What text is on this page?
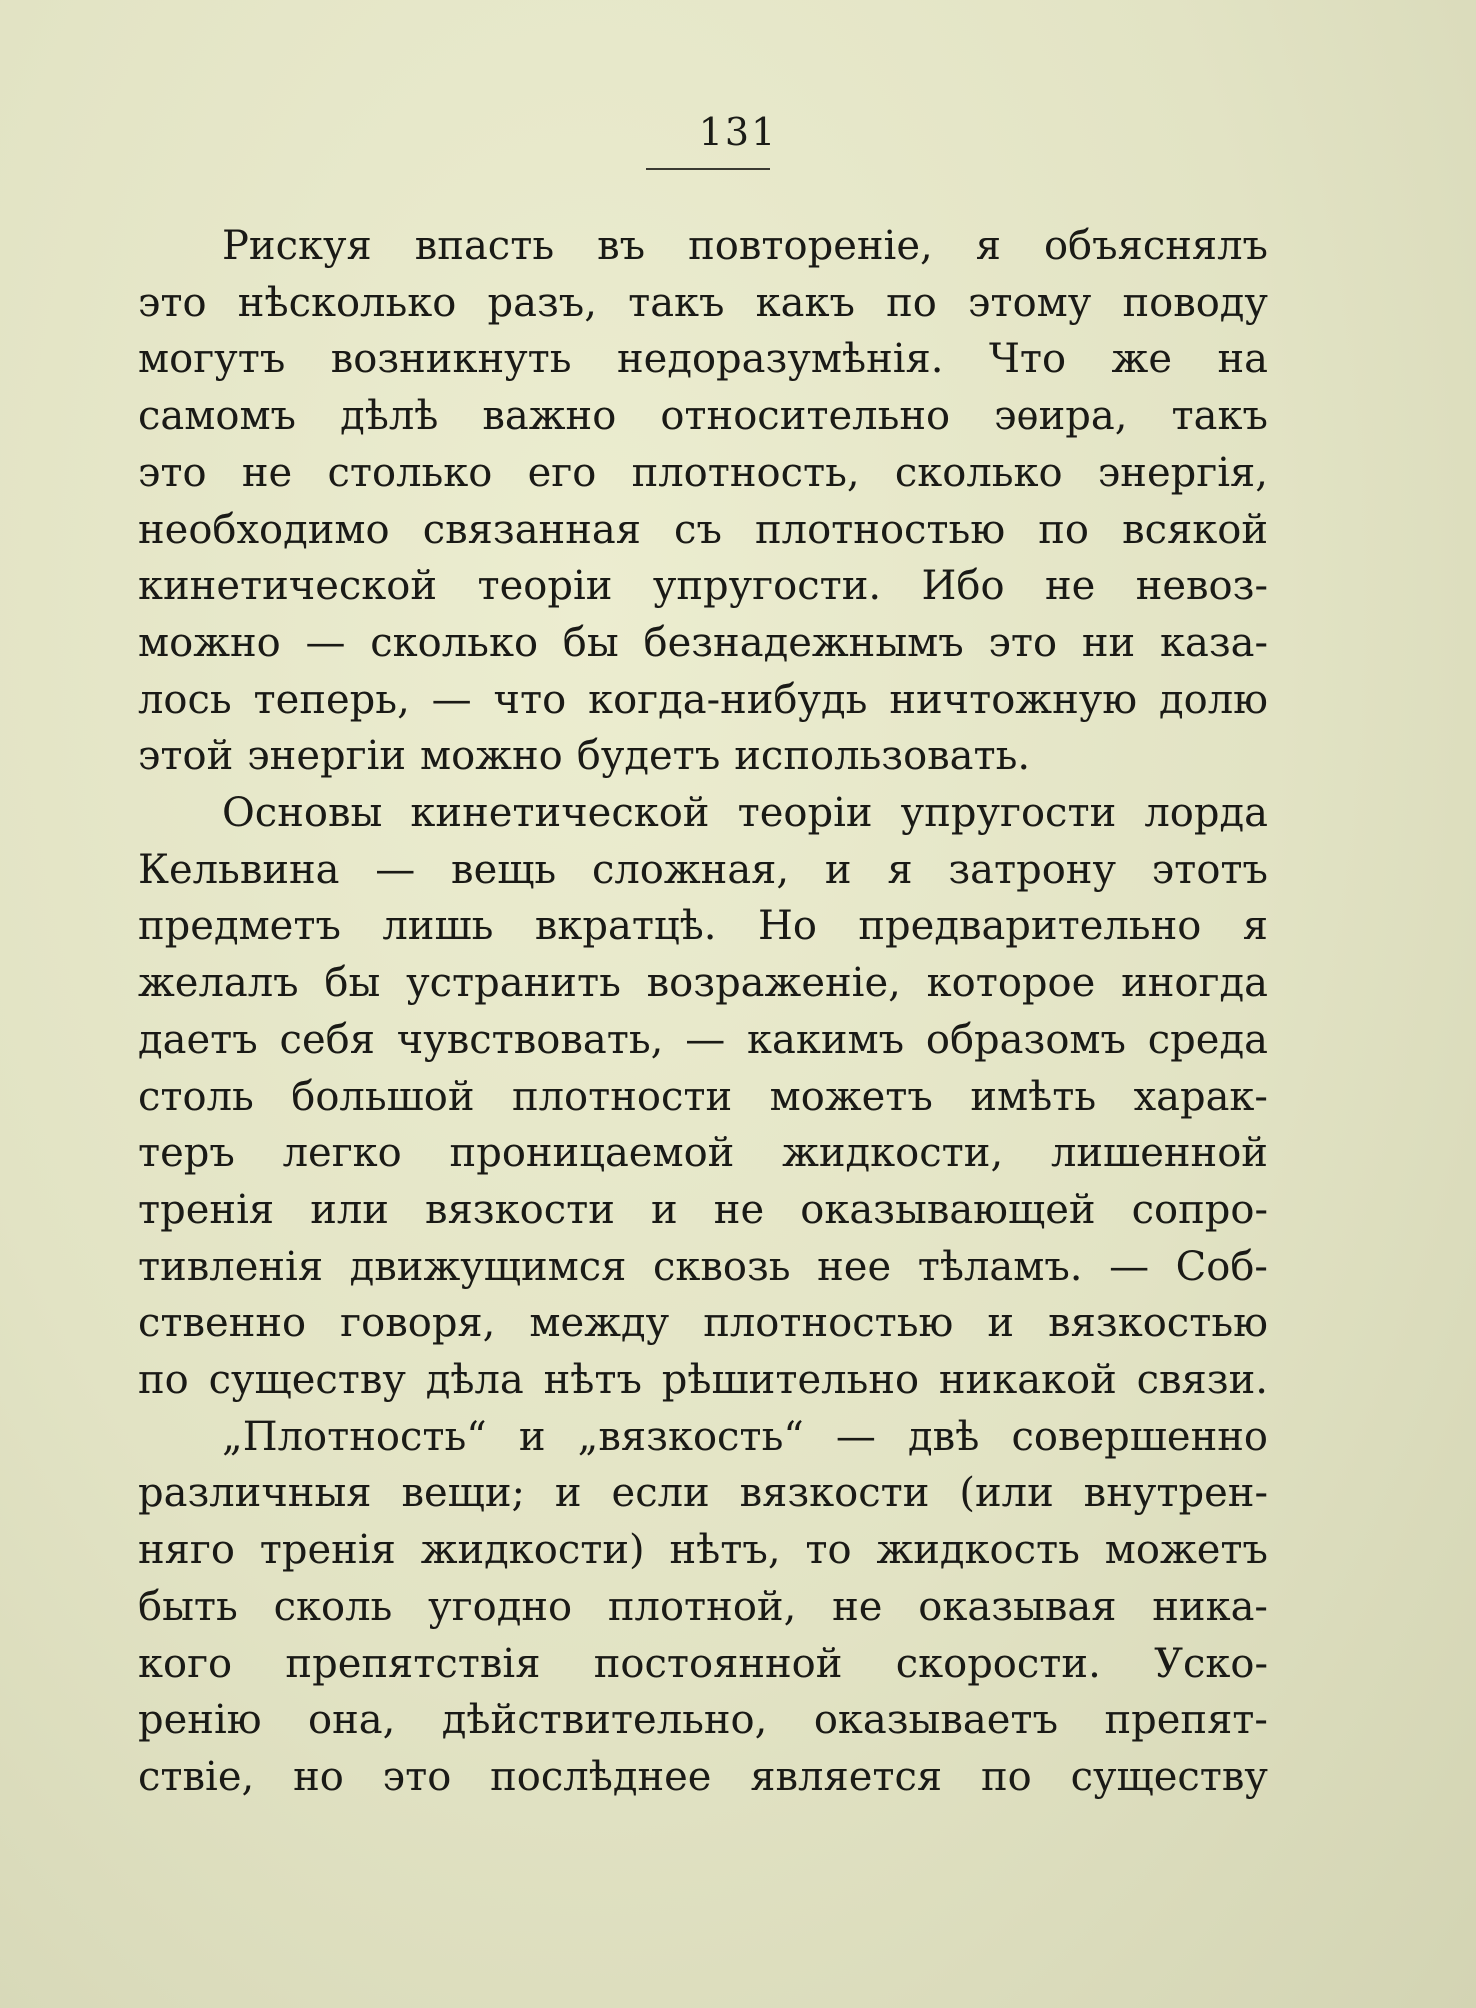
131
Рискуя впасть въ повтореніе, я объяснялъ
это нѣсколько разъ, такъ какъ по этому поводу
могутъ возникнуть недоразумѣнія. Что же на
самомъ дѣлѣ важно относительно эѳира, такъ
это не столько его плотность, сколько энергія,
необходимо связанная съ плотностью по всякой
кинетической теоріи упругости. Ибо не невоз-
можно — сколько бы безнадежнымъ это ни каза-
лось теперь, — что когда-нибудь ничтожную долю
этой энергіи можно будетъ использовать.
Основы кинетической теоріи упругости лорда
Кельвина — вещь сложная, и я затрону этотъ
предметъ лишь вкратцѣ. Но предварительно я
желалъ бы устранить возраженіе, которое иногда
даетъ себя чувствовать, — какимъ образомъ среда
столь большой плотности можетъ имѣть харак-
теръ легко проницаемой жидкости, лишенной
тренія или вязкости и не оказывающей сопро-
тивленія движущимся сквозь нее тѣламъ. — Соб-
ственно говоря, между плотностью и вязкостью
по существу дѣла нѣтъ рѣшительно никакой связи.
„Плотность“ и „вязкость“ — двѣ совершенно
различныя вещи; и если вязкости (или внутрен-
няго тренія жидкости) нѣтъ, то жидкость можетъ
быть сколь угодно плотной, не оказывая ника-
кого препятствія постоянной скорости. Уско-
ренію она, дѣйствительно, оказываетъ препят-
ствіе, но это послѣднее является по существу
